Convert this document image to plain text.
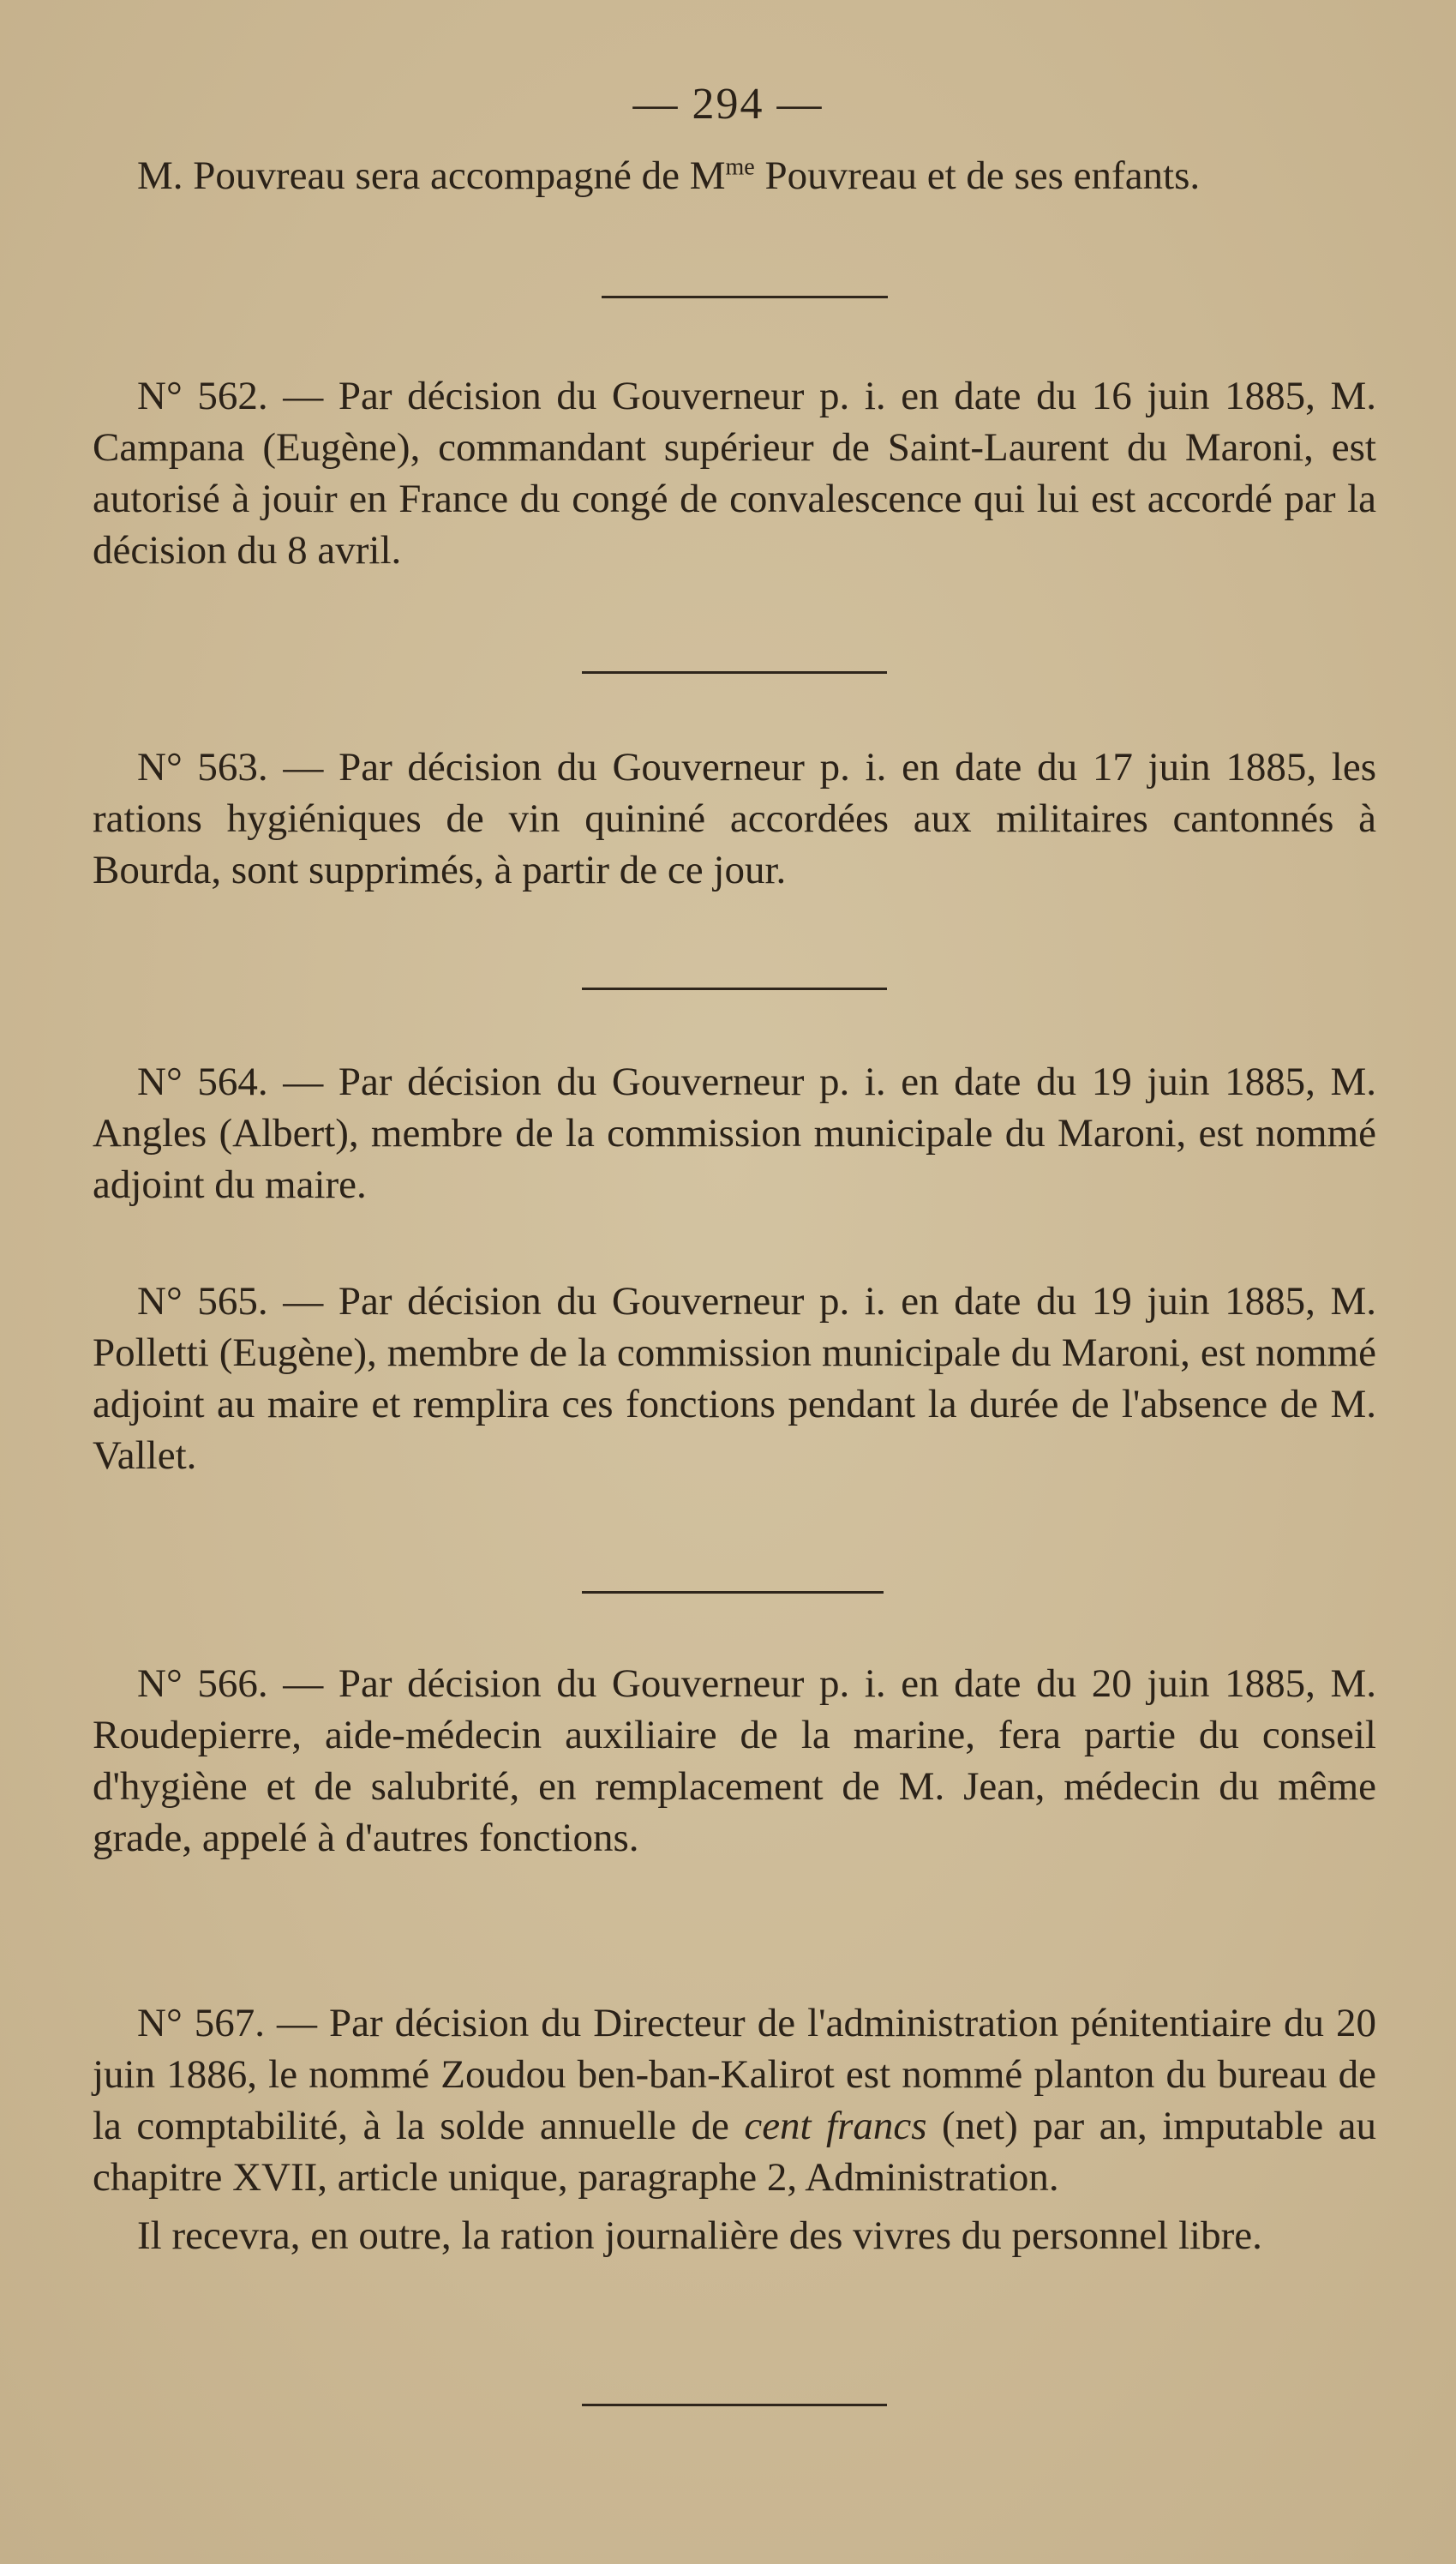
— 294 —

M. Pouvreau sera accompagné de $M^{me}$ Pouvreau et de ses enfants.

N° 562. — Par décision du Gouverneur p. i. en date du 16 juin 1885, M. Campana (Eugène), commandant supérieur de Saint-Laurent du Maroni, est autorisé à jouir en France du congé de convalescence qui lui est accordé par la décision du 8 avril.

N° 563. — Par décision du Gouverneur p. i. en date du 17 juin 1885, les rations hygiéniques de vin quininé accordées aux militaires cantonnés à Bourda, sont supprimés, à partir de ce jour.

N° 564. — Par décision du Gouverneur p. i. en date du 19 juin 1885, M. Angles (Albert), membre de la commission municipale du Maroni, est nommé adjoint du maire.

N° 565. — Par décision du Gouverneur p. i. en date du 19 juin 1885, M. Polletti (Eugène), membre de la commission municipale du Maroni, est nommé adjoint au maire et remplira ces fonctions pendant la durée de l'absence de M. Vallet.

N° 566. — Par décision du Gouverneur p. i. en date du 20 juin 1885, M. Roudepierre, aide-médecin auxiliaire de la marine, fera partie du conseil d'hygiène et de salubrité, en remplacement de M. Jean, médecin du même grade, appelé à d'autres fonctions.

N° 567. — Par décision du Directeur de l'administration pénitentiaire du 20 juin 1886, le nommé Zoudou ben-ban-Kalirot est nommé planton du bureau de la comptabilité, à la solde annuelle de cent francs (net) par an, imputable au chapitre XVII, article unique, paragraphe 2, Administration.

Il recevra, en outre, la ration journalière des vivres du personnel libre.
